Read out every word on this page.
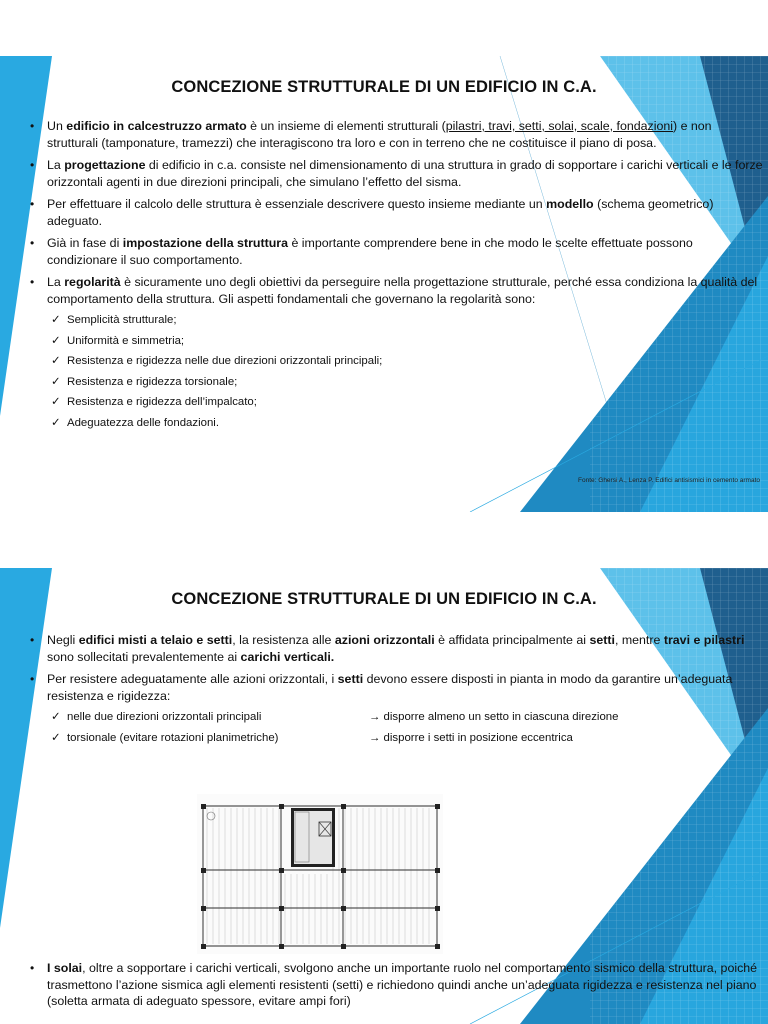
CONCEZIONE STRUTTURALE DI UN EDIFICIO IN C.A.
• Un edificio in calcestruzzo armato è un insieme di elementi strutturali (pilastri, travi, setti, solai, scale, fondazioni) e non strutturali (tamponature, tramezzi) che interagiscono tra loro e con in terreno che ne costituisce il piano di posa.
• La progettazione di edificio in c.a. consiste nel dimensionamento di una struttura in grado di sopportare i carichi verticali e le forze orizzontali agenti in due direzioni principali, che simulano l’effetto del sisma.
• Per effettuare il calcolo delle struttura è essenziale descrivere questo insieme mediante un modello (schema geometrico) adeguato.
• Già in fase di impostazione della struttura è importante comprendere bene in che modo le scelte effettuate possono condizionare il suo comportamento.
• La regolarità è sicuramente uno degli obiettivi da perseguire nella progettazione strutturale, perché essa condiziona la qualità del comportamento della struttura. Gli aspetti fondamentali che governano la regolarità sono:
✓ Semplicità strutturale;
✓ Uniformità e simmetria;
✓ Resistenza e rigidezza nelle due direzioni orizzontali principali;
✓ Resistenza e rigidezza torsionale;
✓ Resistenza e rigidezza dell’impalcato;
✓ Adeguatezza delle fondazioni.
Fonte: Ghersi A., Lenza P. Edifici antisismici in cemento armato
CONCEZIONE STRUTTURALE DI UN EDIFICIO IN C.A.
• Negli edifici misti a telaio e setti, la resistenza alle azioni orizzontali è affidata principalmente ai setti, mentre travi e pilastri sono sollecitati prevalentemente ai carichi verticali.
• Per resistere adeguatamente alle azioni orizzontali, i setti devono essere disposti in pianta in modo da garantire un’adeguata resistenza e rigidezza:
✓ nelle due direzioni orizzontali principali	→ disporre almeno un setto in ciascuna direzione
✓ torsionale (evitare rotazioni planimetriche)	→ disporre i setti in posizione eccentrica
• I solai, oltre a sopportare i carichi verticali, svolgono anche un importante ruolo nel comportamento sismico della struttura, poiché trasmettono l’azione sismica agli elementi resistenti (setti) e richiedono quindi anche un’adeguata rigidezza e resistenza nel piano (soletta armata di adeguato spessore, evitare ampi fori)
